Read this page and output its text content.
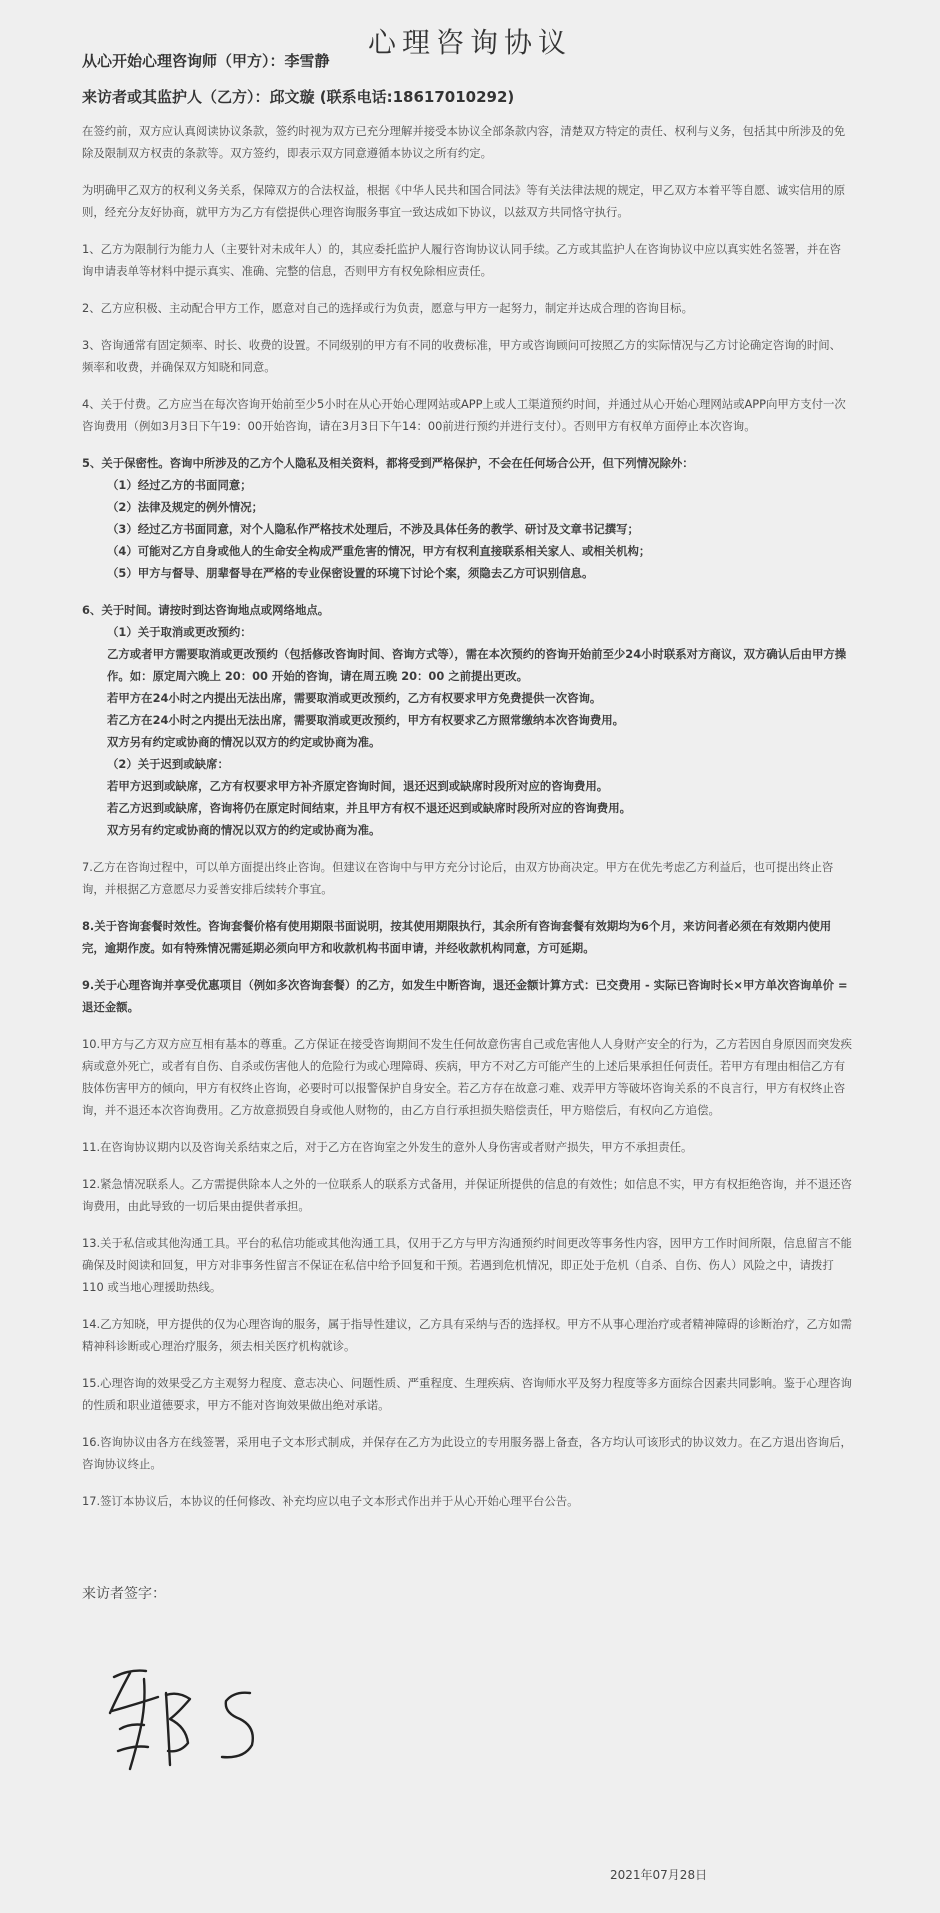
心理咨询协议
从心开始心理咨询师（甲方）：李雪静
来访者或其监护人（乙方）：邱文璇 (联系电话:18617010292)

在签约前，双方应认真阅读协议条款，签约时视为双方已充分理解并接受本协议全部条款内容，清楚双方特定的责任、权利与义务，包括其中所涉及的免除及限制双方权责的条款等。双方签约，即表示双方同意遵循本协议之所有约定。

为明确甲乙双方的权利义务关系，保障双方的合法权益，根据《中华人民共和国合同法》等有关法律法规的规定，甲乙双方本着平等自愿、诚实信用的原则，经充分友好协商，就甲方为乙方有偿提供心理咨询服务事宜一致达成如下协议，以兹双方共同恪守执行。

1、乙方为限制行为能力人（主要针对未成年人）的，其应委托监护人履行咨询协议认同手续。乙方或其监护人在咨询协议中应以真实姓名签署，并在咨询申请表单等材料中提示真实、准确、完整的信息，否则甲方有权免除相应责任。

2、乙方应积极、主动配合甲方工作，愿意对自己的选择或行为负责，愿意与甲方一起努力，制定并达成合理的咨询目标。

3、咨询通常有固定频率、时长、收费的设置。不同级别的甲方有不同的收费标准，甲方或咨询顾问可按照乙方的实际情况与乙方讨论确定咨询的时间、频率和收费，并确保双方知晓和同意。

4、关于付费。乙方应当在每次咨询开始前至少5小时在从心开始心理网站或APP上或人工渠道预约时间，并通过从心开始心理网站或APP向甲方支付一次咨询费用（例如3月3日下午19：00开始咨询，请在3月3日下午14：00前进行预约并进行支付）。否则甲方有权单方面停止本次咨询。

5、关于保密性。咨询中所涉及的乙方个人隐私及相关资料，都将受到严格保护，不会在任何场合公开，但下列情况除外：
（1）经过乙方的书面同意；
（2）法律及规定的例外情况；
（3）经过乙方书面同意，对个人隐私作严格技术处理后，不涉及具体任务的教学、研讨及文章书记撰写；
（4）可能对乙方自身或他人的生命安全构成严重危害的情况，甲方有权利直接联系相关家人、或相关机构；
（5）甲方与督导、朋辈督导在严格的专业保密设置的环境下讨论个案，须隐去乙方可识别信息。
6、关于时间。请按时到达咨询地点或网络地点。
（1）关于取消或更改预约：
乙方或者甲方需要取消或更改预约（包括修改咨询时间、咨询方式等），需在本次预约的咨询开始前至少24小时联系对方商议，双方确认后由甲方操作。如：原定周六晚上 20：00 开始的咨询，请在周五晚 20：00 之前提出更改。
若甲方在24小时之内提出无法出席，需要取消或更改预约，乙方有权要求甲方免费提供一次咨询。
若乙方在24小时之内提出无法出席，需要取消或更改预约，甲方有权要求乙方照常缴纳本次咨询费用。
双方另有约定或协商的情况以双方的约定或协商为准。
（2）关于迟到或缺席：
若甲方迟到或缺席，乙方有权要求甲方补齐原定咨询时间，退还迟到或缺席时段所对应的咨询费用。
若乙方迟到或缺席，咨询将仍在原定时间结束，并且甲方有权不退还迟到或缺席时段所对应的咨询费用。
双方另有约定或协商的情况以双方的约定或协商为准。

7.乙方在咨询过程中，可以单方面提出终止咨询。但建议在咨询中与甲方充分讨论后，由双方协商决定。甲方在优先考虑乙方利益后，也可提出终止咨询，并根据乙方意愿尽力妥善安排后续转介事宜。

8.关于咨询套餐时效性。咨询套餐价格有使用期限书面说明，按其使用期限执行，其余所有咨询套餐有效期均为6个月，来访问者必须在有效期内使用完，逾期作废。如有特殊情况需延期必须向甲方和收款机构书面申请，并经收款机构同意，方可延期。

9.关于心理咨询并享受优惠项目（例如多次咨询套餐）的乙方，如发生中断咨询，退还金额计算方式：已交费用 - 实际已咨询时长×甲方单次咨询单价 = 退还金额。

10.甲方与乙方双方应互相有基本的尊重。乙方保证在接受咨询期间不发生任何故意伤害自己或危害他人人身财产安全的行为，乙方若因自身原因而突发疾病或意外死亡，或者有自伤、自杀或伤害他人的危险行为或心理障碍、疾病，甲方不对乙方可能产生的上述后果承担任何责任。若甲方有理由相信乙方有肢体伤害甲方的倾向，甲方有权终止咨询，必要时可以报警保护自身安全。若乙方存在故意刁难、戏弄甲方等破坏咨询关系的不良言行，甲方有权终止咨询，并不退还本次咨询费用。乙方故意损毁自身或他人财物的，由乙方自行承担损失赔偿责任，甲方赔偿后，有权向乙方追偿。

11.在咨询协议期内以及咨询关系结束之后，对于乙方在咨询室之外发生的意外人身伤害或者财产损失，甲方不承担责任。

12.紧急情况联系人。乙方需提供除本人之外的一位联系人的联系方式备用，并保证所提供的信息的有效性；如信息不实，甲方有权拒绝咨询，并不退还咨询费用，由此导致的一切后果由提供者承担。

13.关于私信或其他沟通工具。平台的私信功能或其他沟通工具，仅用于乙方与甲方沟通预约时间更改等事务性内容，因甲方工作时间所限，信息留言不能确保及时阅读和回复，甲方对非事务性留言不保证在私信中给予回复和干预。若遇到危机情况，即正处于危机（自杀、自伤、伤人）风险之中，请拨打 110 或当地心理援助热线。

14.乙方知晓，甲方提供的仅为心理咨询的服务，属于指导性建议，乙方具有采纳与否的选择权。甲方不从事心理治疗或者精神障碍的诊断治疗，乙方如需精神科诊断或心理治疗服务，须去相关医疗机构就诊。

15.心理咨询的效果受乙方主观努力程度、意志决心、问题性质、严重程度、生理疾病、咨询师水平及努力程度等多方面综合因素共同影响。鉴于心理咨询的性质和职业道德要求，甲方不能对咨询效果做出绝对承诺。

16.咨询协议由各方在线签署，采用电子文本形式制成，并保存在乙方为此设立的专用服务器上备查，各方均认可该形式的协议效力。在乙方退出咨询后，咨询协议终止。

17.签订本协议后，本协议的任何修改、补充均应以电子文本形式作出并于从心开始心理平台公告。

来访者签字：
2021年07月28日
